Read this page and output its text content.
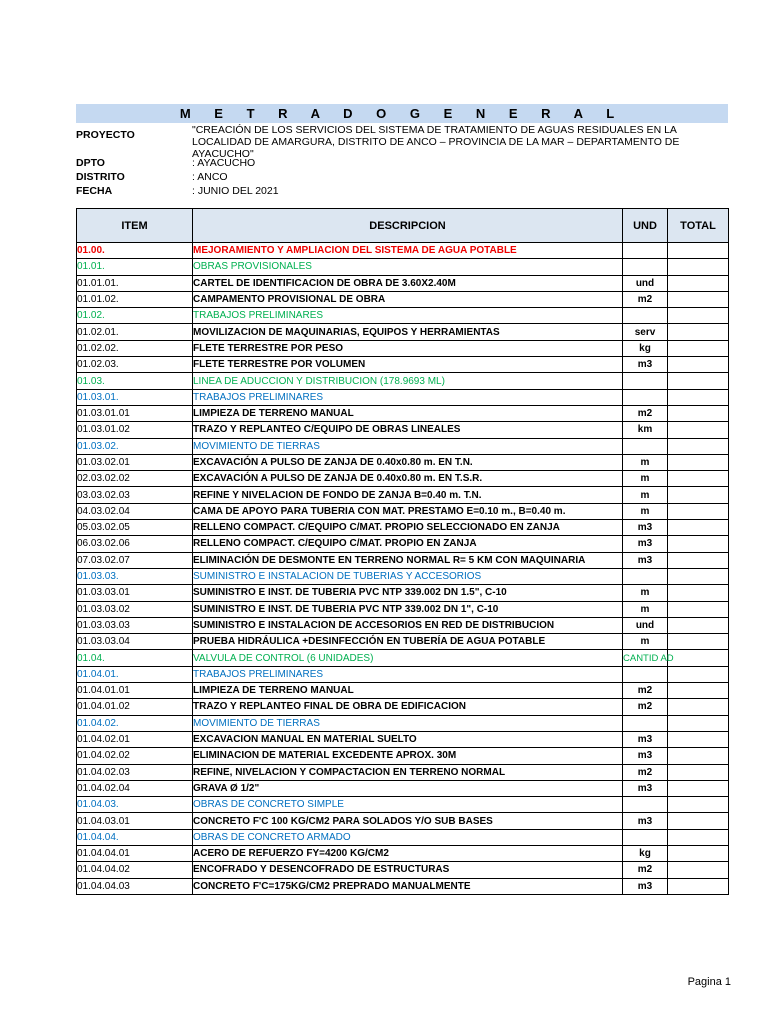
M E T R A D O G E N E R A L
PROYECTO	"CREACIÓN DE LOS SERVICIOS DEL SISTEMA DE TRATAMIENTO DE AGUAS RESIDUALES EN LA LOCALIDAD DE AMARGURA, DISTRITO DE ANCO – PROVINCIA DE LA MAR – DEPARTAMENTO DE AYACUCHO"
DPTO	: AYACUCHO
DISTRITO	: ANCO
FECHA	: JUNIO DEL 2021
ITEM	DESCRIPCION	UND	TOTAL
01.00.	MEJORAMIENTO Y AMPLIACION DEL SISTEMA DE AGUA POTABLE		
01.01.	OBRAS PROVISIONALES		
01.01.01.	CARTEL DE IDENTIFICACION DE OBRA DE 3.60X2.40M	und	
01.01.02.	CAMPAMENTO PROVISIONAL DE OBRA	m2	
01.02.	TRABAJOS PRELIMINARES		
01.02.01.	MOVILIZACION DE MAQUINARIAS, EQUIPOS Y HERRAMIENTAS	serv	
01.02.02.	FLETE TERRESTRE POR PESO	kg	
01.02.03.	FLETE TERRESTRE POR VOLUMEN	m3	
01.03.	LINEA DE ADUCCION Y DISTRIBUCION (178.9693 ML)		
01.03.01.	TRABAJOS PRELIMINARES		
01.03.01.01	LIMPIEZA DE TERRENO MANUAL	m2	
01.03.01.02	TRAZO Y REPLANTEO C/EQUIPO DE OBRAS LINEALES	km	
01.03.02.	MOVIMIENTO DE TIERRAS		
01.03.02.01	EXCAVACIÓN A PULSO DE ZANJA DE 0.40x0.80 m. EN T.N.	m	
02.03.02.02	EXCAVACIÓN A PULSO DE ZANJA DE 0.40x0.80 m. EN T.S.R.	m	
03.03.02.03	REFINE Y NIVELACION DE FONDO DE ZANJA B=0.40 m. T.N.	m	
04.03.02.04	CAMA DE APOYO PARA TUBERIA CON MAT. PRESTAMO E=0.10 m., B=0.40 m.	m	
05.03.02.05	RELLENO COMPACT. C/EQUIPO C/MAT. PROPIO SELECCIONADO EN ZANJA	m3	
06.03.02.06	RELLENO COMPACT. C/EQUIPO C/MAT. PROPIO EN ZANJA	m3	
07.03.02.07	ELIMINACIÓN DE DESMONTE EN TERRENO NORMAL R= 5 KM CON MAQUINARIA	m3	
01.03.03.	SUMINISTRO E INSTALACION DE TUBERIAS Y ACCESORIOS		
01.03.03.01	SUMINISTRO E INST. DE TUBERIA PVC NTP 339.002 DN 1.5", C-10	m	
01.03.03.02	SUMINISTRO E INST. DE TUBERIA PVC NTP 339.002 DN 1", C-10	m	
01.03.03.03	SUMINISTRO E INSTALACION DE ACCESORIOS EN RED DE DISTRIBUCION	und	
01.03.03.04	PRUEBA HIDRÁULICA +DESINFECCIÓN EN TUBERÍA DE AGUA POTABLE	m	
01.04.	VALVULA DE CONTROL (6 UNIDADES)	CANTID AD	
01.04.01.	TRABAJOS PRELIMINARES		
01.04.01.01	LIMPIEZA DE TERRENO MANUAL	m2	
01.04.01.02	TRAZO Y REPLANTEO FINAL DE OBRA DE EDIFICACION	m2	
01.04.02.	MOVIMIENTO DE TIERRAS		
01.04.02.01	EXCAVACION MANUAL EN MATERIAL SUELTO	m3	
01.04.02.02	ELIMINACION DE MATERIAL EXCEDENTE APROX. 30M	m3	
01.04.02.03	REFINE, NIVELACION Y COMPACTACION EN TERRENO NORMAL	m2	
01.04.02.04	GRAVA Ø 1/2"	m3	
01.04.03.	OBRAS DE CONCRETO SIMPLE		
01.04.03.01	CONCRETO F'C 100 KG/CM2 PARA SOLADOS Y/O SUB BASES	m3	
01.04.04.	OBRAS DE CONCRETO ARMADO		
01.04.04.01	ACERO DE REFUERZO FY=4200 KG/CM2	kg	
01.04.04.02	ENCOFRADO Y DESENCOFRADO DE ESTRUCTURAS	m2	
01.04.04.03	CONCRETO F'C=175KG/CM2 PREPRADO MANUALMENTE	m3	
Pagina 1
